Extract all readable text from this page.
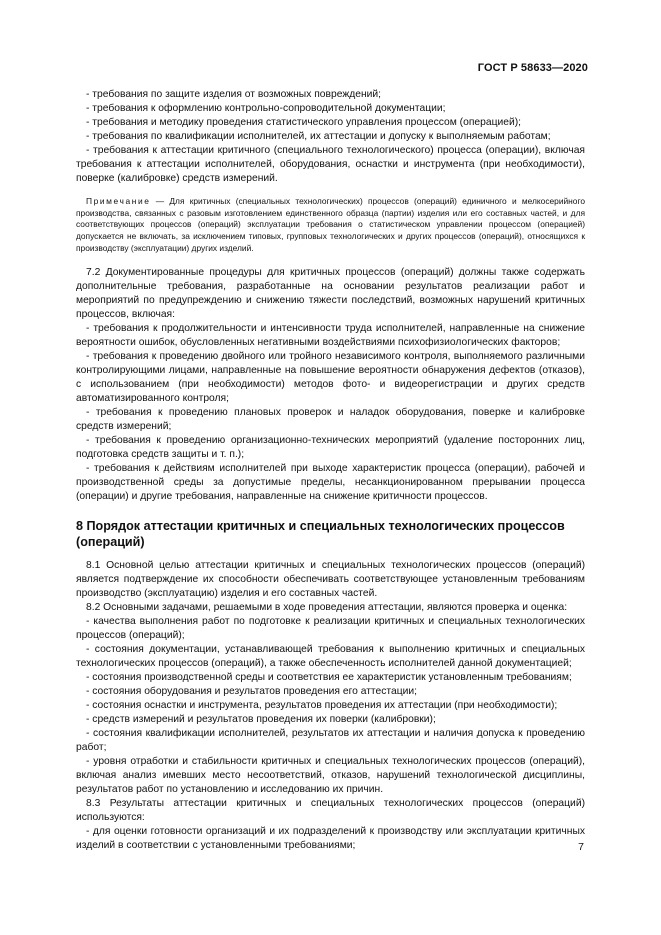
ГОСТ Р 58633—2020

- требования по защите изделия от возможных повреждений;

- требования к оформлению контрольно-сопроводительной документации;

- требования и методику проведения статистического управления процессом (операцией);

- требования по квалификации исполнителей, их аттестации и допуску к выполняемым работам;

- требования к аттестации критичного (специального технологического) процесса (операции), включая требования к аттестации исполнителей, оборудования, оснастки и инструмента (при необходимости), поверке (калибровке) средств измерений.

Примечание — Для критичных (специальных технологических) процессов (операций) единичного и мелкосерийного производства, связанных с разовым изготовлением единственного образца (партии) изделия или его составных частей, и для соответствующих процессов (операций) эксплуатации требования о статистическом управлении процессом (операцией) допускается не включать, за исключением типовых, групповых технологических и других процессов (операций), относящихся к производству (эксплуатации) других изделий.

7.2 Документированные процедуры для критичных процессов (операций) должны также содержать дополнительные требования, разработанные на основании результатов реализации работ и мероприятий по предупреждению и снижению тяжести последствий, возможных нарушений критичных процессов, включая:

- требования к продолжительности и интенсивности труда исполнителей, направленные на снижение вероятности ошибок, обусловленных негативными воздействиями психофизиологических факторов;

- требования к проведению двойного или тройного независимого контроля, выполняемого различными контролирующими лицами, направленные на повышение вероятности обнаружения дефектов (отказов), с использованием (при необходимости) методов фото- и видеорегистрации и других средств автоматизированного контроля;

- требования к проведению плановых проверок и наладок оборудования, поверке и калибровке средств измерений;

- требования к проведению организационно-технических мероприятий (удаление посторонних лиц, подготовка средств защиты и т. п.);

- требования к действиям исполнителей при выходе характеристик процесса (операции), рабочей и производственной среды за допустимые пределы, несанкционированном прерывании процесса (операции) и другие требования, направленные на снижение критичности процессов.

8 Порядок аттестации критичных и специальных технологических процессов (операций)

8.1 Основной целью аттестации критичных и специальных технологических процессов (операций) является подтверждение их способности обеспечивать соответствующее установленным требованиям производство (эксплуатацию) изделия и его составных частей.

8.2 Основными задачами, решаемыми в ходе проведения аттестации, являются проверка и оценка:

- качества выполнения работ по подготовке к реализации критичных и специальных технологических процессов (операций);

- состояния документации, устанавливающей требования к выполнению критичных и специальных технологических процессов (операций), а также обеспеченность исполнителей данной документацией;

- состояния производственной среды и соответствия ее характеристик установленным требованиям;

- состояния оборудования и результатов проведения его аттестации;

- состояния оснастки и инструмента, результатов проведения их аттестации (при необходимости);

- средств измерений и результатов проведения их поверки (калибровки);

- состояния квалификации исполнителей, результатов их аттестации и наличия допуска к проведению работ;

- уровня отработки и стабильности критичных и специальных технологических процессов (операций), включая анализ имевших место несоответствий, отказов, нарушений технологической дисциплины, результатов работ по установлению и исследованию их причин.

8.3 Результаты аттестации критичных и специальных технологических процессов (операций) используются:

- для оценки готовности организаций и их подразделений к производству или эксплуатации критичных изделий в соответствии с установленными требованиями;	7
